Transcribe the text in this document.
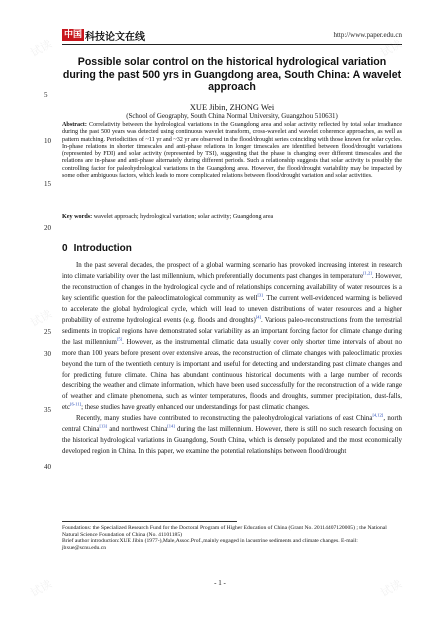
中国 科技论文在线	http://www.paper.edu.cn
Possible solar control on the historical hydrological variation during the past 500 yrs in Guangdong area, South China: A wavelet approach
XUE Jibin, ZHONG Wei
(School of Geography, South China Normal University, Guangzhou 510631)
Abstract: Correlativity between the hydrological variations in the Guangdong area and solar activity reflected by total solar irradiance during the past 500 years was detected using continuous wavelet transform, cross-wavelet and wavelet coherence approaches, as well as pattern matching. Periodicities of ~11 yr and ~32 yr are observed in the flood/drought series coinciding with those known for solar cycles. In-phase relations in shorter timescales and anti-phase relations in longer timescales are identified between flood/drought variations (represented by FDI) and solar activity (represented by TSI), suggesting that the phase is changing over different timescales and the relations are in-phase and anti-phase alternately during different periods. Such a relationship suggests that solar activity is possibly the controlling factor for paleohydrological variations in the Guangdong area. However, the flood/drought variability may be impacted by some other ambiguous factors, which leads to more complicated relations between flood/drought variation and solar activities.
Key words: wavelet approach; hydrological variation; solar activity; Guangdong area
5
10
15
20
25
30
35
40
0 Introduction

In the past several decades, the prospect of a global warming scenario has provoked increasing interest in research into climate variability over the last millennium, which preferentially documents past changes in temperature[1,2]. However, the reconstruction of changes in the hydrological cycle and of relationships concerning availability of water resources is a key scientific question for the paleoclimatological community as well[3]. The current well-evidenced warming is believed to accelerate the global hydrological cycle, which will lead to uneven distributions of water resources and a higher probability of extreme hydrological events (e.g. floods and droughts)[4]. Various paleo-reconstructions from the terrestrial sediments in tropical regions have demonstrated solar variability as an important forcing factor for climate change during the last millennium[5]. However, as the instrumental climatic data usually cover only shorter time intervals of about no more than 100 years before present over extensive areas, the reconstruction of climate changes with paleoclimatic proxies beyond the turn of the twentieth century is important and useful for detecting and understanding past climate changes and for predicting future climate. China has abundant continuous historical documents with a large number of records describing the weather and climate information, which have been used successfully for the reconstruction of a wide range of weather and climate phenomena, such as winter temperatures, floods and droughts, summer precipitation, dust-falls, etc[6-11]; these studies have greatly enhanced our understandings for past climatic changes.

Recently, many studies have contributed to reconstructing the paleohydrological variations of east China[4,12], north central China[13] and northwest China[14] during the last millennium. However, there is still no such research focusing on the historical hydrological variations in Guangdong, South China, which is densely populated and the most economically developed region in China. In this paper, we examine the potential relationships between flood/drought

Foundations: the Specialized Research Fund for the Doctoral Program of Higher Education of China (Grant No. 20114407120005) ; the National Natural Science Foundation of China (No. 41101185)

Brief author introduction:XUE Jibin (1977-),Male,Assoc.Prof.,mainly engaged in lacustrine sediments and climate changes. E-mail: jbxue@scnu.edu.cn

- 1 -
试读	试读
试读	试读
试读	试读
